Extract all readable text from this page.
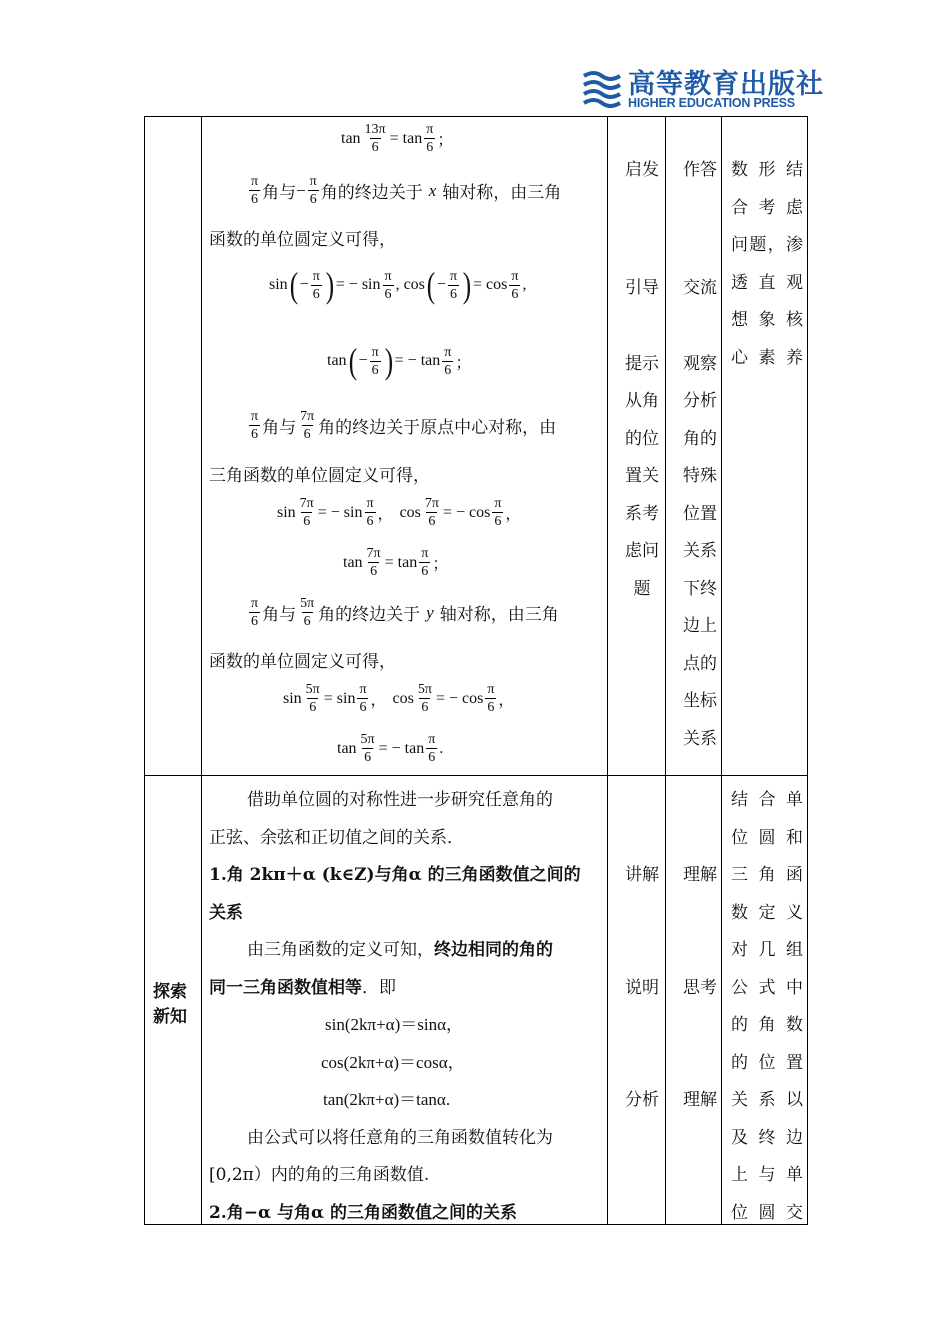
高等教育出版社
HIGHER EDUCATION PRESS
$\tan \frac{13\pi}{6} = \tan \frac{\pi}{6}$ ；
$\frac{\pi}{6}$ 角与 − $\frac{\pi}{6}$ 角的终边关于 x 轴对称，由三角
函数的单位圆定义可得，
sin ( − $\frac{\pi}{6}$ ) = − $\sin \frac{\pi}{6}$ , cos ( − $\frac{\pi}{6}$ ) = $\cos \frac{\pi}{6}$ ,
tan ( − $\frac{\pi}{6}$ ) = − $\tan \frac{\pi}{6}$ ；
$\frac{\pi}{6}$ 角与 $\frac{7\pi}{6}$ 角的终边关于原点中心对称，由
三角函数的单位圆定义可得，
$\sin \frac{7\pi}{6}$ = − $\sin \frac{\pi}{6}$ ， $\cos \frac{7\pi}{6}$ = − $\cos \frac{\pi}{6}$ ，
$\tan \frac{7\pi}{6} = \tan \frac{\pi}{6}$ ；
$\frac{\pi}{6}$ 角与 $\frac{5\pi}{6}$ 角的终边关于 y 轴对称，由三角
函数的单位圆定义可得，
$\sin \frac{5\pi}{6} = \sin \frac{\pi}{6}$ ， $\cos \frac{5\pi}{6}$ = − $\cos \frac{\pi}{6}$ ，
$\tan \frac{5\pi}{6}$ = − $\tan \frac{\pi}{6}$ .
启发
引导
提示
从角
的位
置关
系考
虑问
题
作答
交流
观察
分析
角的
特殊
位置
关系
下终
边上
点的
坐标
关系
数形结
合考虑
问题，渗
透直观
想象核
心素养
探索
新知
借助单位圆的对称性进一步研究任意角的
正弦、余弦和正切值之间的关系．
1.角 2kπ＋α (k∈Z)与角α 的三角函数值之间的
关系
由三角函数的定义可知，终边相同的角的
同一三角函数值相等．即
sin(2kπ+α)＝sinα，
cos(2kπ+α)＝cosα，
tan(2kπ+α)＝tanα.
由公式可以将任意角的三角函数值转化为
[0,2π）内的角的三角函数值.
2.角−α 与角α 的三角函数值之间的关系
讲解
说明
分析
理解
思考
理解
结合单
位圆和
三角函
数定义
对几组
公式中
的角数
的位置
关系以
及终边
上与单
位圆交
